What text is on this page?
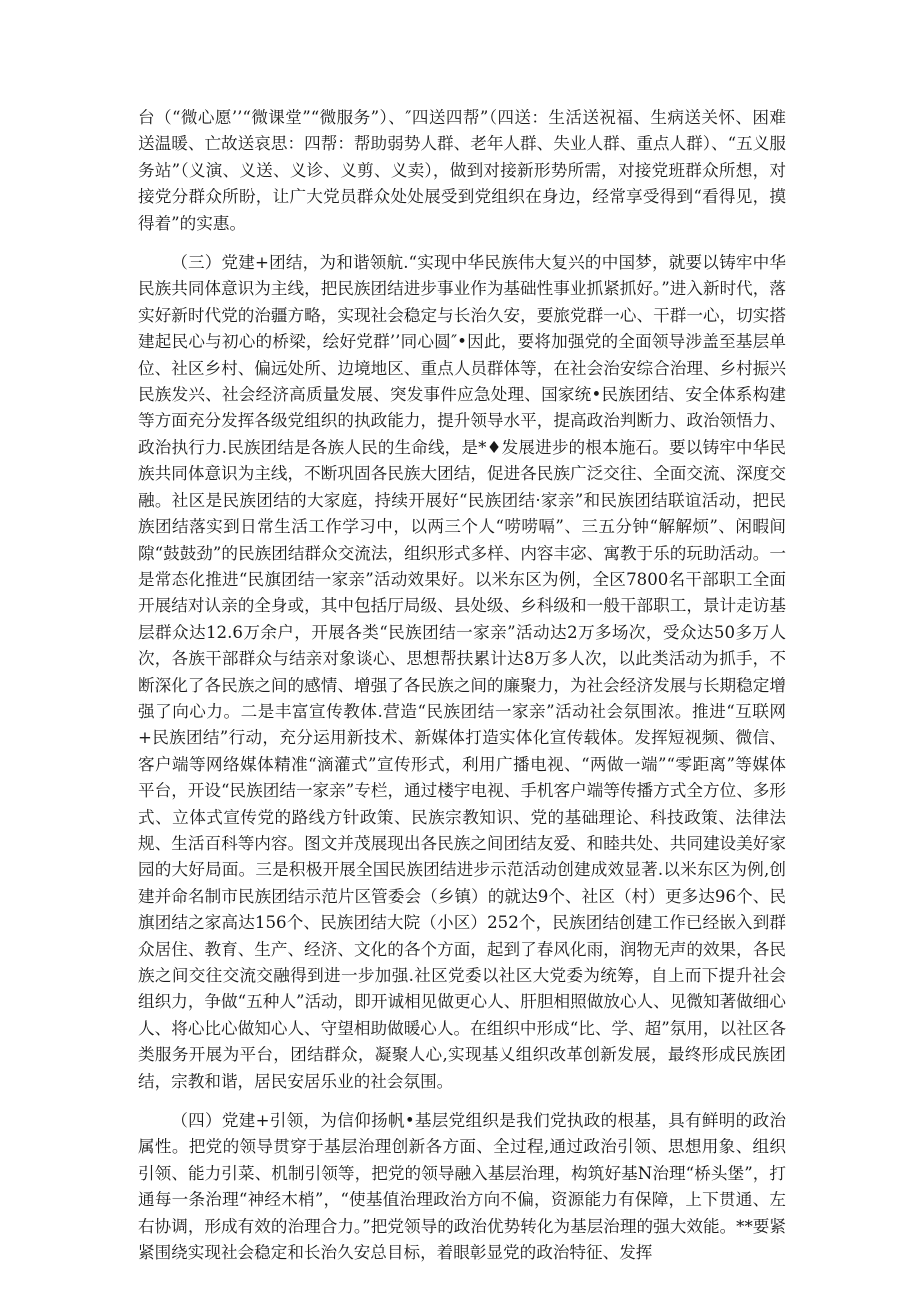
台（“微心愿’’“微课堂”“微服务”）、″四送四帮”（四送：生活送祝福、生病送关怀、困难送温暖、亡故送哀思：四帮：帮助弱势人群、老年人群、失业人群、重点人群）、“五义服务站”（义演、义送、义诊、义剪、义卖），做到对接新形势所需，对接党班群众所想，对接党分群众所盼，让广大党员群众处处展受到党组织在身边，经常享受得到“看得见，摸得着”的实惠。

（三）党建+团结，为和谐领航.“实现中华民族伟大复兴的中国梦，就要以铸牢中华民族共同体意识为主线，把民族团结进步事业作为基础性事业抓紧抓好。”进入新时代，落实好新时代党的治疆方略，实现社会稳定与长治久安，要旅党群一心、干群一心，切实搭建起民心与初心的桥梁，绘好党群’’同心圆″•因此，要将加强党的全面领导涉盖至基层单位、社区乡村、偏远处所、边境地区、重点人员群体等，在社会治安综合治理、乡村振兴民族发兴、社会经济高质量发展、突发事件应急处理、国家统•民族团结、安全体系构建等方面充分发挥各级党组织的执政能力，提升领导水平，提高政治判断力、政治领悟力、政治执行力.民族团结是各族人民的生命线，是*♦发展进步的根本施石。要以铸牢中华民族共同体意识为主线，不断巩固各民族大团结，促进各民族广泛交往、全面交流、深度交融。社区是民族团结的大家庭，持续开展好“民族团结·家亲”和民族团结联谊活动，把民族团结落实到日常生活工作学习中，以两三个人“唠唠嗝”、三五分钟“解解烦”、闲暇间隙“鼓鼓劲”的民族团结群众交流法，组织形式多样、内容丰宓、寓教于乐的玩助活动。一是常态化推进“民旗团结一家亲”活动效果好。以米东区为例，全区7800名干部职工全面开展结对认亲的全身或，其中包括厅局级、县处级、乡科级和一般干部职工，景计走访基层群众达12.6万余户，开展各类“民族团结一家亲”活动达2万多场次，受众达50多万人次，各族干部群众与结亲对象谈心、思想帮扶累计达8万多人次，以此类活动为抓手，不断深化了各民族之间的感情、增强了各民族之间的廉聚力，为社会经济发展与长期稳定增强了向心力。二是丰富宣传教体.营造“民族团结一家亲”活动社会氛围浓。推进“互联网+民族团结”行动，充分运用新技术、新媒体打造实体化宣传载体。发挥短视频、微信、客户端等网络媒体精准“滴灌式”宣传形式，利用广播电视、“两做一端”“零距离”等媒体平台，开设“民族团结一家亲”专栏，通过楼宇电视、手机客户端等传播方式全方位、多形式、立体式宣传党的路线方针政策、民族宗教知识、党的基础理论、科技政策、法律法规、生活百科等内容。图文并茂展现出各民族之间团结友爱、和睦共处、共同建设美好家园的大好局面。三是积极开展全国民族团结进步示范活动创建成效显著.以米东区为例,创建并命名制市民族团结示范片区管委会（乡镇）的就达9个、社区（村）更多达96个、民旗团结之家高达156个、民族团结大院（小区）252个，民族团结创建工作已经嵌入到群众居住、教育、生产、经济、文化的各个方面，起到了春风化雨，润物无声的效果，各民族之间交往交流交融得到进一步加强.社区党委以社区大党委为统筹，自上而下提升社会组织力，争做“五种人”活动，即开诚相见做更心人、肝胆相照做放心人、见微知著做细心人、将心比心做知心人、守望相助做暖心人。在组织中形成“比、学、超”氛用，以社区各类服务开展为平台，团结群众，凝聚人心,实现基乂组织改革创新发展，最终形成民族团结，宗教和谐，居民安居乐业的社会氛围。

（四）党建+引领，为信仰扬帆•基层党组织是我们党执政的根基，具有鲜明的政治属性。把党的领导贯穿于基层治理创新各方面、全过程,通过政治引领、思想用象、组织引领、能力引菜、机制引领等，把党的领导融入基层治理，构筑好基N治理“桥头堡”，打通每一条治理“神经木梢”，“使基值治理政治方向不偏，资源能力有保障，上下贯通、左右协调，形成有效的治理合力。”把党领导的政治优势转化为基层治理的强大效能。**要紧紧围绕实现社会稳定和长治久安总目标，着眼彰显党的政治特征、发挥
